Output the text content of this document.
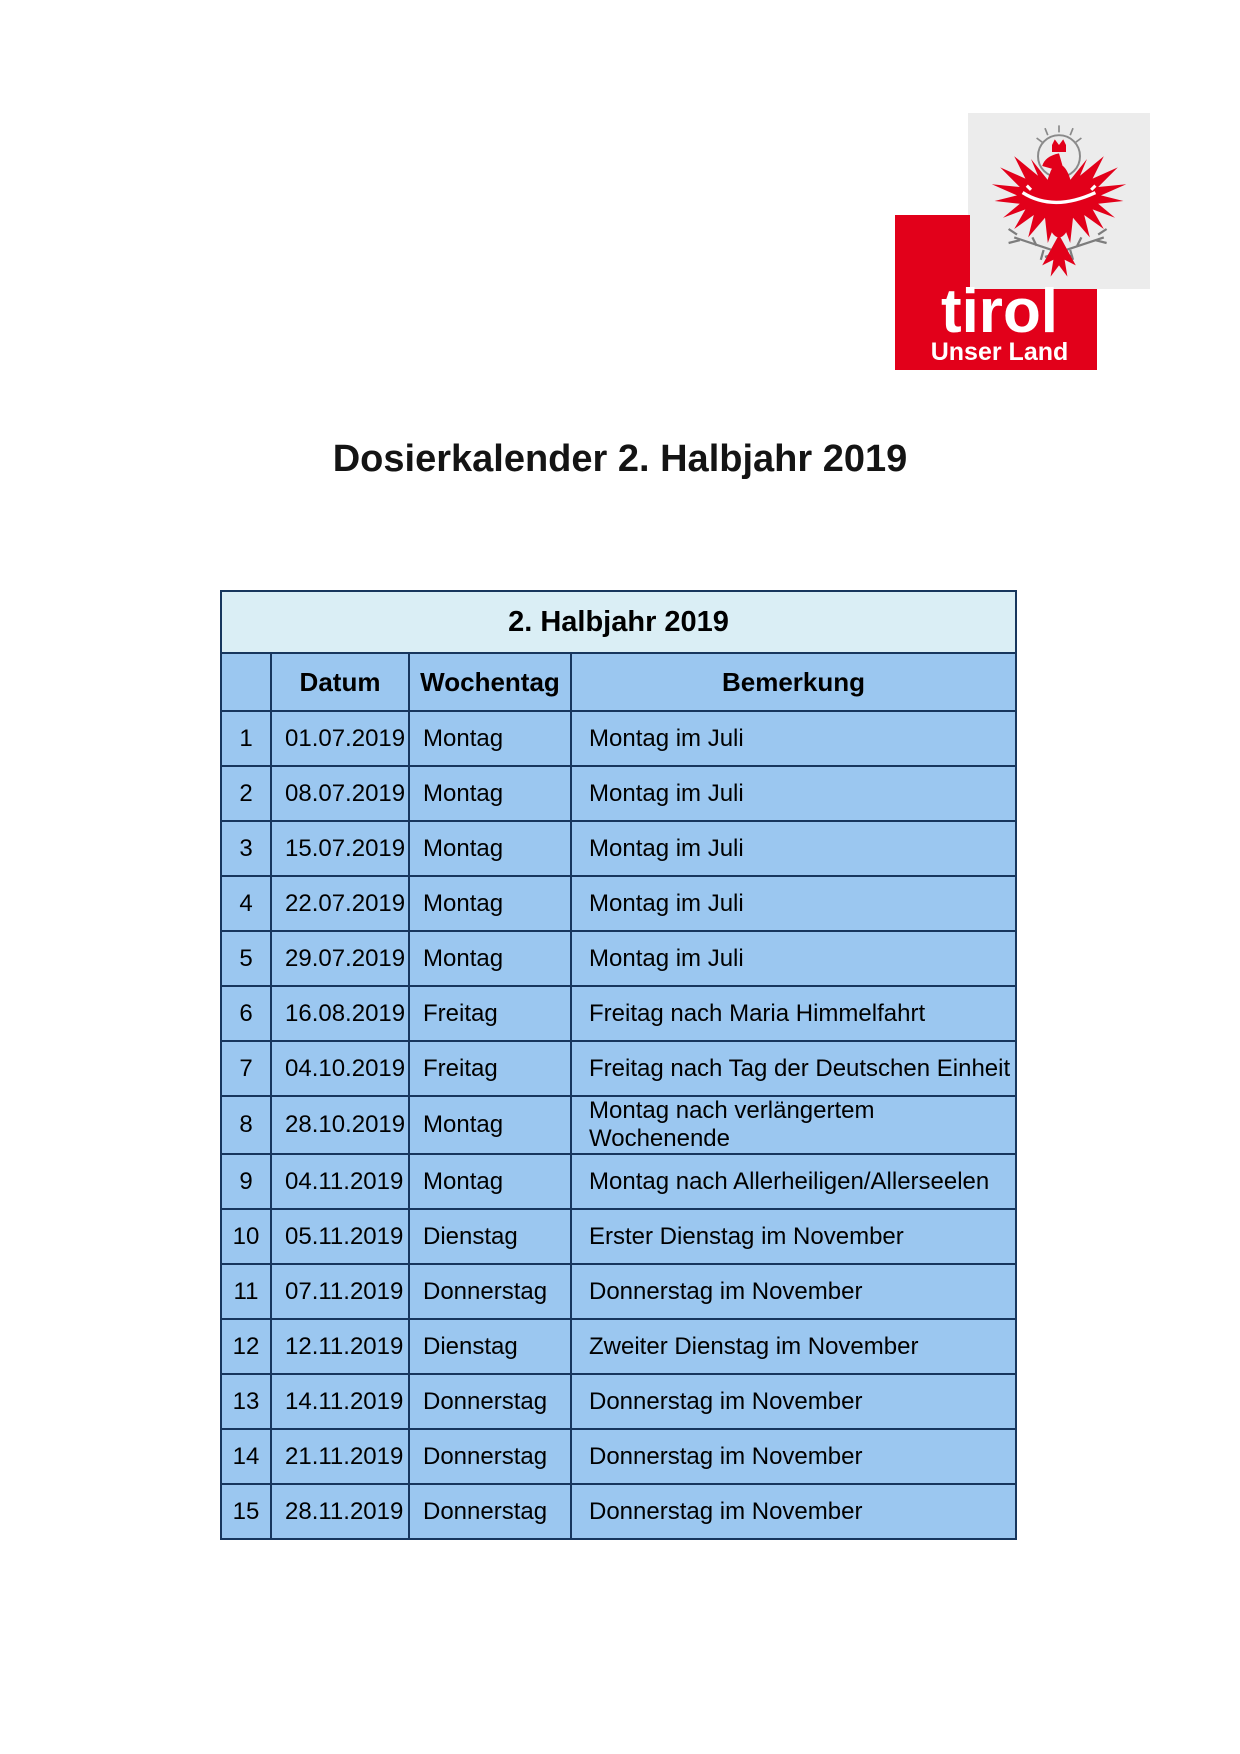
tirol
Unser Land
Dosierkalender 2. Halbjahr 2019
2. Halbjahr 2019			
	Datum	Wochentag	Bemerkung
1	01.07.2019	Montag	Montag im Juli
2	08.07.2019	Montag	Montag im Juli
3	15.07.2019	Montag	Montag im Juli
4	22.07.2019	Montag	Montag im Juli
5	29.07.2019	Montag	Montag im Juli
6	16.08.2019	Freitag	Freitag nach Maria Himmelfahrt
7	04.10.2019	Freitag	Freitag nach Tag der Deutschen Einheit
8	28.10.2019	Montag	Montag nach verlängertem Wochenende
9	04.11.2019	Montag	Montag nach Allerheiligen/Allerseelen
10	05.11.2019	Dienstag	Erster Dienstag im November
11	07.11.2019	Donnerstag	Donnerstag im November
12	12.11.2019	Dienstag	Zweiter Dienstag im November
13	14.11.2019	Donnerstag	Donnerstag im November
14	21.11.2019	Donnerstag	Donnerstag im November
15	28.11.2019	Donnerstag	Donnerstag im November
